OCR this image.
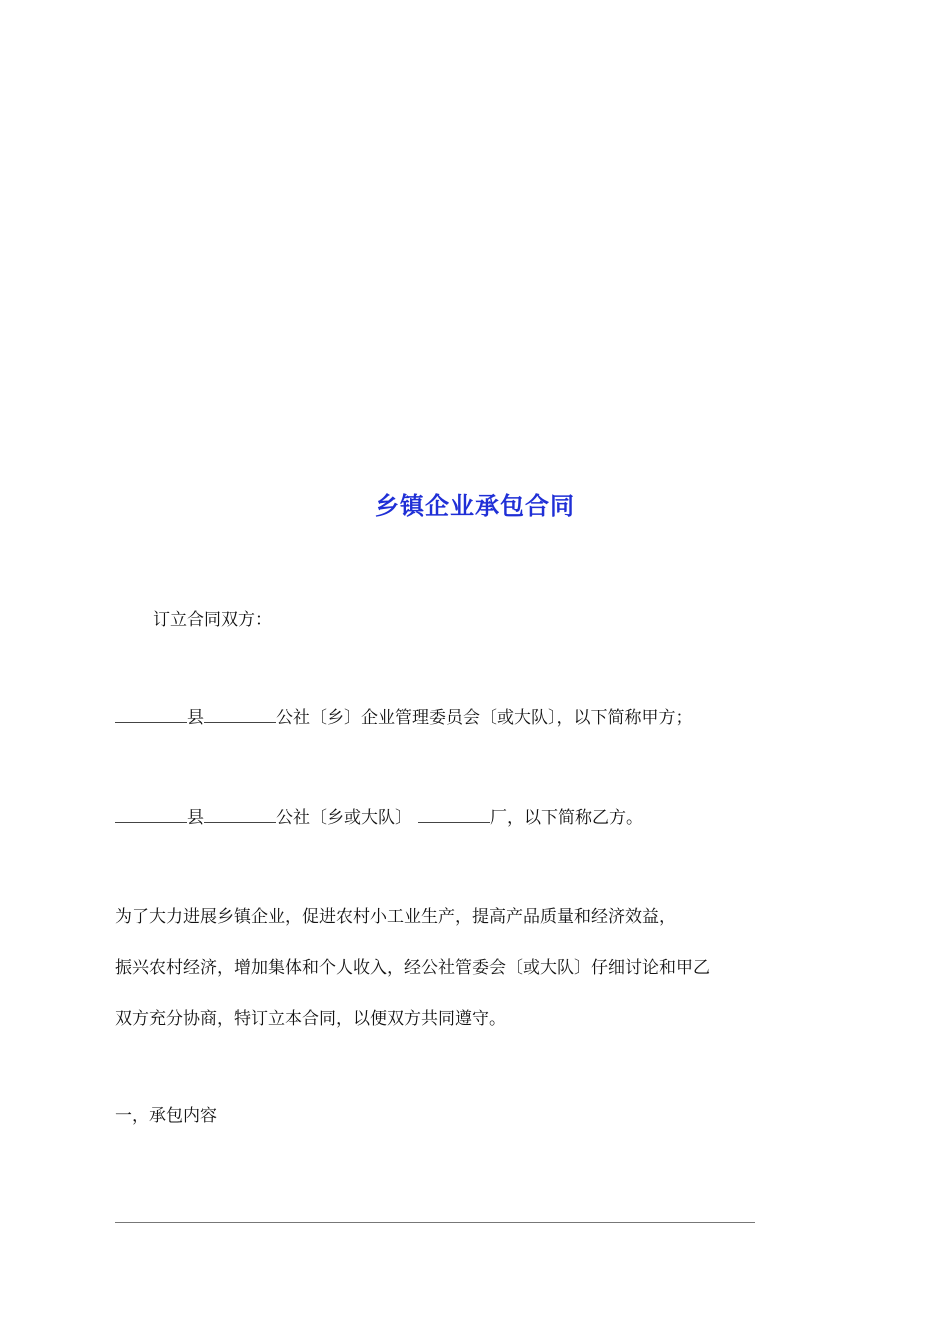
乡镇企业承包合同
订立合同双方：
县	公社〔乡〕企业管理委员会〔或大队〕，以下简称甲方；
县	公社〔乡或大队〕	厂，以下简称乙方。
为了大力进展乡镇企业，促进农村小工业生产，提高产品质量和经济效益，
振兴农村经济，增加集体和个人收入，经公社管委会〔或大队〕仔细讨论和甲乙
双方充分协商，特订立本合同，以便双方共同遵守。
一，承包内容
